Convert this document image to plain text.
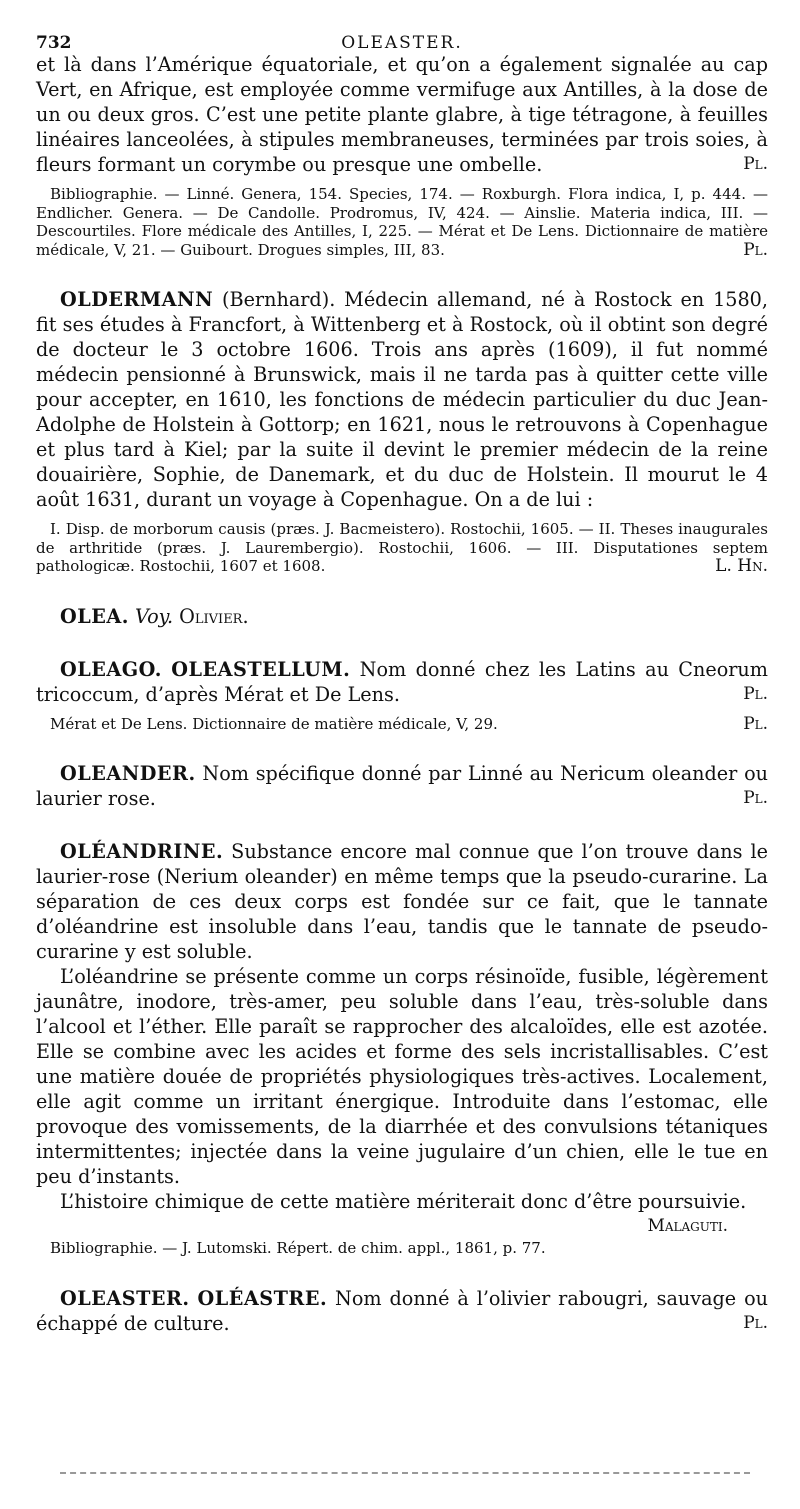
732	OLEASTER.

et là dans l’Amérique équatoriale, et qu’on a également signalée au cap Vert, en Afrique, est employée comme vermifuge aux Antilles, à la dose de un ou deux gros. C’est une petite plante glabre, à tige tétragone, à feuilles linéaires lanceolées, à stipules membraneuses, terminées par trois soies, à fleurs formant un corymbe ou presque une ombelle.	Pl.

Bibliographie. — Linné. Genera, 154. Species, 174. — Roxburgh. Flora indica, I, p. 444. — Endlicher. Genera. — De Candolle. Prodromus, IV, 424. — Ainslie. Materia indica, III. — Descourtiles. Flore médicale des Antilles, I, 225. — Mérat et De Lens. Dictionnaire de matière médicale, V, 21. — Guibourt. Drogues simples, III, 83.	Pl.

OLDERMANN (Bernhard). Médecin allemand, né à Rostock en 1580, fit ses études à Francfort, à Wittenberg et à Rostock, où il obtint son degré de docteur le 3 octobre 1606. Trois ans après (1609), il fut nommé médecin pensionné à Brunswick, mais il ne tarda pas à quitter cette ville pour accepter, en 1610, les fonctions de médecin particulier du duc Jean-Adolphe de Holstein à Gottorp; en 1621, nous le retrouvons à Copenhague et plus tard à Kiel; par la suite il devint le premier médecin de la reine douairière, Sophie, de Danemark, et du duc de Holstein. Il mourut le 4 août 1631, durant un voyage à Copenhague. On a de lui :

I. Disp. de morborum causis (præs. J. Bacmeistero). Rostochii, 1605. — II. Theses inaugurales de arthritide (præs. J. Laurembergio). Rostochii, 1606. — III. Disputationes septem pathologicæ. Rostochii, 1607 et 1608.	L. Hn.

OLEA. Voy. Olivier.

OLEAGO. OLEASTELLUM. Nom donné chez les Latins au Cneorum tricoccum, d’après Mérat et De Lens.	Pl.

Mérat et De Lens. Dictionnaire de matière médicale, V, 29.	Pl.

OLEANDER. Nom spécifique donné par Linné au Nericum oleander ou laurier rose.	Pl.

OLÉANDRINE. Substance encore mal connue que l’on trouve dans le laurier-rose (Nerium oleander) en même temps que la pseudo-curarine. La séparation de ces deux corps est fondée sur ce fait, que le tannate d’oléandrine est insoluble dans l’eau, tandis que le tannate de pseudo-curarine y est soluble.

L’oléandrine se présente comme un corps résinoïde, fusible, légèrement jaunâtre, inodore, très-amer, peu soluble dans l’eau, très-soluble dans l’alcool et l’éther. Elle paraît se rapprocher des alcaloïdes, elle est azotée. Elle se combine avec les acides et forme des sels incristallisables. C’est une matière douée de propriétés physiologiques très-actives. Localement, elle agit comme un irritant énergique. Introduite dans l’estomac, elle provoque des vomissements, de la diarrhée et des convulsions tétaniques intermittentes; injectée dans la veine jugulaire d’un chien, elle le tue en peu d’instants.

L’histoire chimique de cette matière mériterait donc d’être poursuivie.

Malaguti.

Bibliographie. — J. Lutomski. Répert. de chim. appl., 1861, p. 77.

OLEASTER. OLÉASTRE. Nom donné à l’olivier rabougri, sauvage ou échappé de culture.	Pl.
